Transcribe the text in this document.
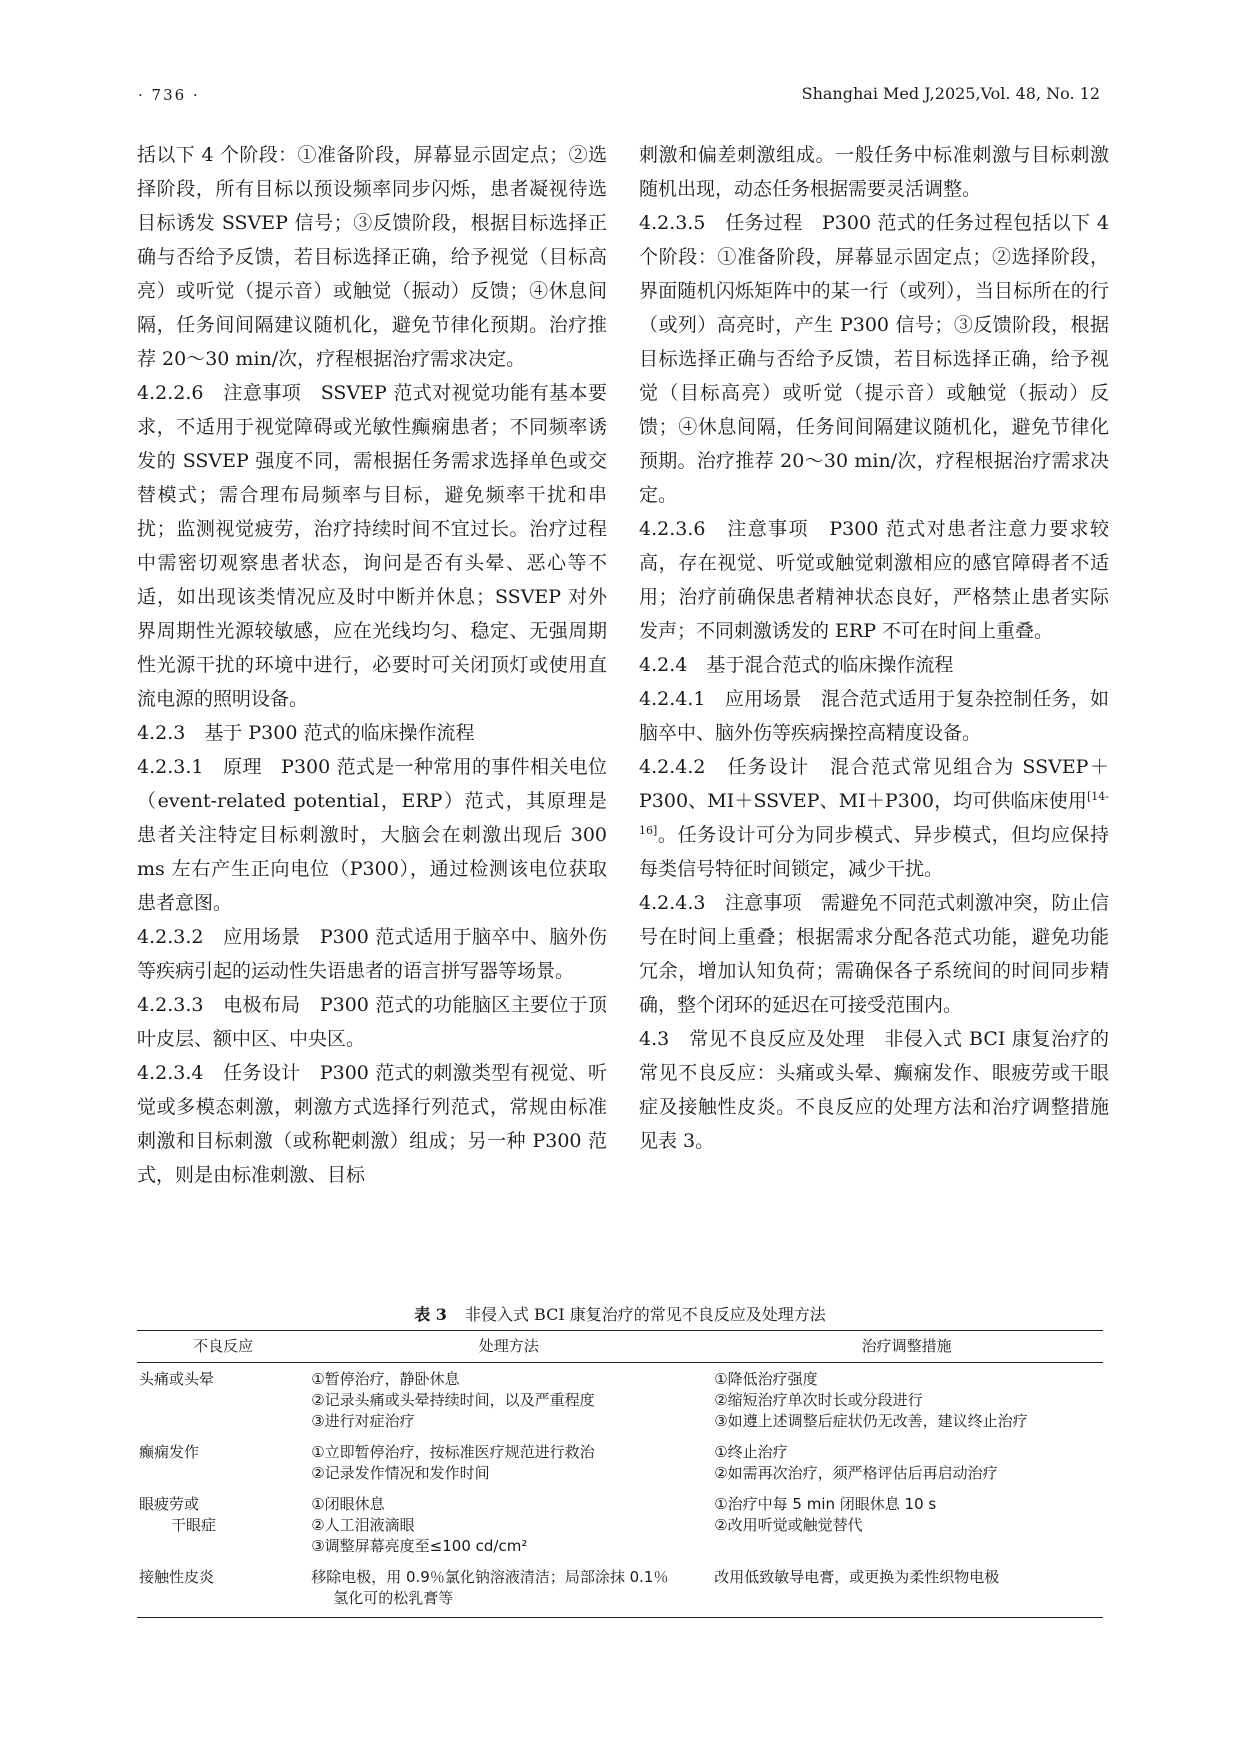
· 736 ·	Shanghai Med J,2025,Vol. 48, No. 12

括以下 4 个阶段：①准备阶段，屏幕显示固定点；②选择阶段，所有目标以预设频率同步闪烁，患者凝视待选目标诱发 SSVEP 信号；③反馈阶段，根据目标选择正确与否给予反馈，若目标选择正确，给予视觉（目标高亮）或听觉（提示音）或触觉（振动）反馈；④休息间隔，任务间间隔建议随机化，避免节律化预期。治疗推荐 20～30 min/次，疗程根据治疗需求决定。

4.2.2.6　注意事项　SSVEP 范式对视觉功能有基本要求，不适用于视觉障碍或光敏性癫痫患者；不同频率诱发的 SSVEP 强度不同，需根据任务需求选择单色或交替模式；需合理布局频率与目标，避免频率干扰和串扰；监测视觉疲劳，治疗持续时间不宜过长。治疗过程中需密切观察患者状态，询问是否有头晕、恶心等不适，如出现该类情况应及时中断并休息；SSVEP 对外界周期性光源较敏感，应在光线均匀、稳定、无强周期性光源干扰的环境中进行，必要时可关闭顶灯或使用直流电源的照明设备。

4.2.3　基于 P300 范式的临床操作流程

4.2.3.1　原理　P300 范式是一种常用的事件相关电位（event-related potential，ERP）范式，其原理是患者关注特定目标刺激时，大脑会在刺激出现后 300 ms 左右产生正向电位（P300），通过检测该电位获取患者意图。

4.2.3.2　应用场景　P300 范式适用于脑卒中、脑外伤等疾病引起的运动性失语患者的语言拼写器等场景。

4.2.3.3　电极布局　P300 范式的功能脑区主要位于顶叶皮层、额中区、中央区。

4.2.3.4　任务设计　P300 范式的刺激类型有视觉、听觉或多模态刺激，刺激方式选择行列范式，常规由标准刺激和目标刺激（或称靶刺激）组成；另一种 P300 范式，则是由标准刺激、目标

刺激和偏差刺激组成。一般任务中标准刺激与目标刺激随机出现，动态任务根据需要灵活调整。

4.2.3.5　任务过程　P300 范式的任务过程包括以下 4 个阶段：①准备阶段，屏幕显示固定点；②选择阶段，界面随机闪烁矩阵中的某一行（或列），当目标所在的行（或列）高亮时，产生 P300 信号；③反馈阶段，根据目标选择正确与否给予反馈，若目标选择正确，给予视觉（目标高亮）或听觉（提示音）或触觉（振动）反馈；④休息间隔，任务间间隔建议随机化，避免节律化预期。治疗推荐 20～30 min/次，疗程根据治疗需求决定。

4.2.3.6　注意事项　P300 范式对患者注意力要求较高，存在视觉、听觉或触觉刺激相应的感官障碍者不适用；治疗前确保患者精神状态良好，严格禁止患者实际发声；不同刺激诱发的 ERP 不可在时间上重叠。

4.2.4　基于混合范式的临床操作流程

4.2.4.1　应用场景　混合范式适用于复杂控制任务，如脑卒中、脑外伤等疾病操控高精度设备。

4.2.4.2　任务设计　混合范式常见组合为 SSVEP＋P300、MI＋SSVEP、MI＋P300，均可供临床使用[14-16]。任务设计可分为同步模式、异步模式，但均应保持每类信号特征时间锁定，减少干扰。

4.2.4.3　注意事项　需避免不同范式刺激冲突，防止信号在时间上重叠；根据需求分配各范式功能，避免功能冗余，增加认知负荷；需确保各子系统间的时间同步精确，整个闭环的延迟在可接受范围内。

4.3　常见不良反应及处理　非侵入式 BCI 康复治疗的常见不良反应：头痛或头晕、癫痫发作、眼疲劳或干眼症及接触性皮炎。不良反应的处理方法和治疗调整措施见表 3。

表 3 非侵入式 BCI 康复治疗的常见不良反应及处理方法
不良反应	处理方法	治疗调整措施

头痛或头晕	①暂停治疗，静卧休息
②记录头痛或头晕持续时间，以及严重程度
③进行对症治疗	①降低治疗强度
②缩短治疗单次时长或分段进行
③如遵上述调整后症状仍无改善，建议终止治疗

癫痫发作	①立即暂停治疗，按标准医疗规范进行救治
②记录发作情况和发作时间	①终止治疗
②如需再次治疗，须严格评估后再启动治疗

眼疲劳或
干眼症	①闭眼休息
②人工泪液滴眼
③调整屏幕亮度至≤100 cd/cm²	①治疗中每 5 min 闭眼休息 10 s
②改用听觉或触觉替代

接触性皮炎	移除电极，用 0.9％氯化钠溶液清洁；局部涂抹 0.1％
氢化可的松乳膏等	改用低致敏导电膏，或更换为柔性织物电极
